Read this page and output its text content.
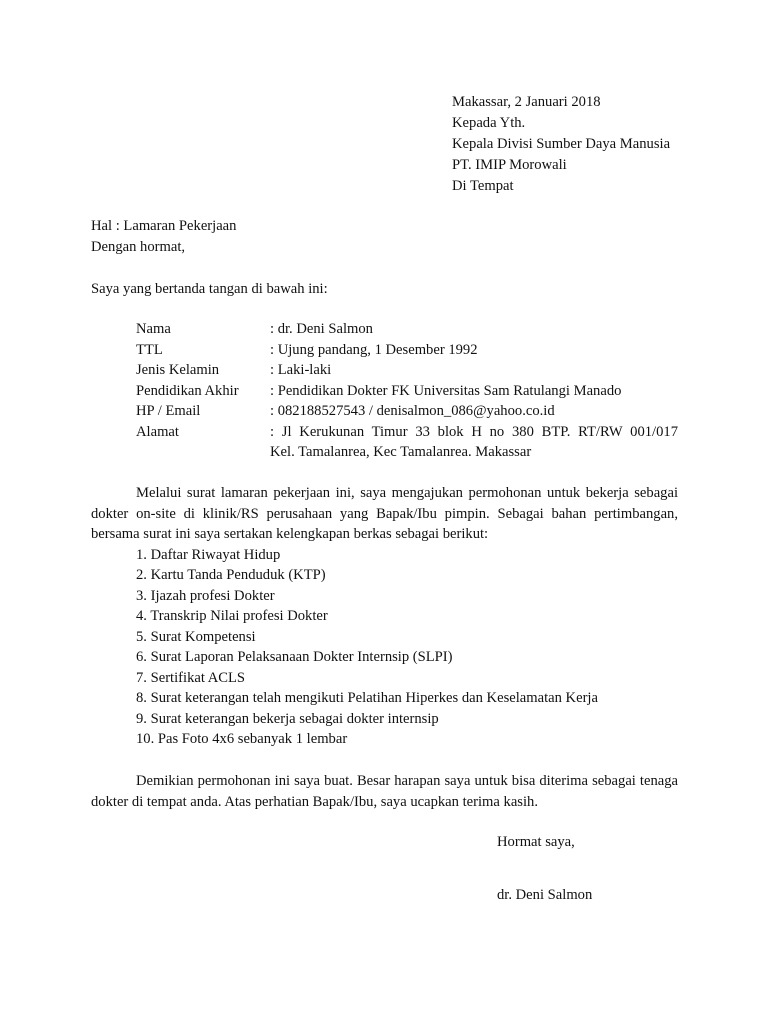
Makassar, 2 Januari 2018
Kepada Yth.
Kepala Divisi Sumber Daya Manusia
PT. IMIP Morowali
Di Tempat
Hal : Lamaran Pekerjaan
Dengan hormat,
Saya yang bertanda tangan di bawah ini:
Nama	: dr. Deni Salmon
TTL	: Ujung pandang, 1 Desember 1992
Jenis Kelamin	: Laki-laki
Pendidikan Akhir : Pendidikan Dokter FK Universitas Sam Ratulangi Manado
HP / Email	: 082188527543 / denisalmon_086@yahoo.co.id
Alamat	: Jl Kerukunan Timur 33 blok H no 380 BTP. RT/RW 001/017
Kel. Tamalanrea, Kec Tamalanrea. Makassar
Melalui surat lamaran pekerjaan ini, saya mengajukan permohonan untuk bekerja sebagai dokter on-site di klinik/RS perusahaan yang Bapak/Ibu pimpin. Sebagai bahan pertimbangan, bersama surat ini saya sertakan kelengkapan berkas sebagai berikut:
1. Daftar Riwayat Hidup
2. Kartu Tanda Penduduk (KTP)
3. Ijazah profesi Dokter
4. Transkrip Nilai profesi Dokter
5. Surat Kompetensi
6. Surat Laporan Pelaksanaan Dokter Internsip (SLPI)
7. Sertifikat ACLS
8. Surat keterangan telah mengikuti Pelatihan Hiperkes dan Keselamatan Kerja
9. Surat keterangan bekerja sebagai dokter internsip
10. Pas Foto 4x6 sebanyak 1 lembar
Demikian permohonan ini saya buat. Besar harapan saya untuk bisa diterima sebagai tenaga dokter di tempat anda. Atas perhatian Bapak/Ibu, saya ucapkan terima kasih.
Hormat saya,
dr. Deni Salmon
